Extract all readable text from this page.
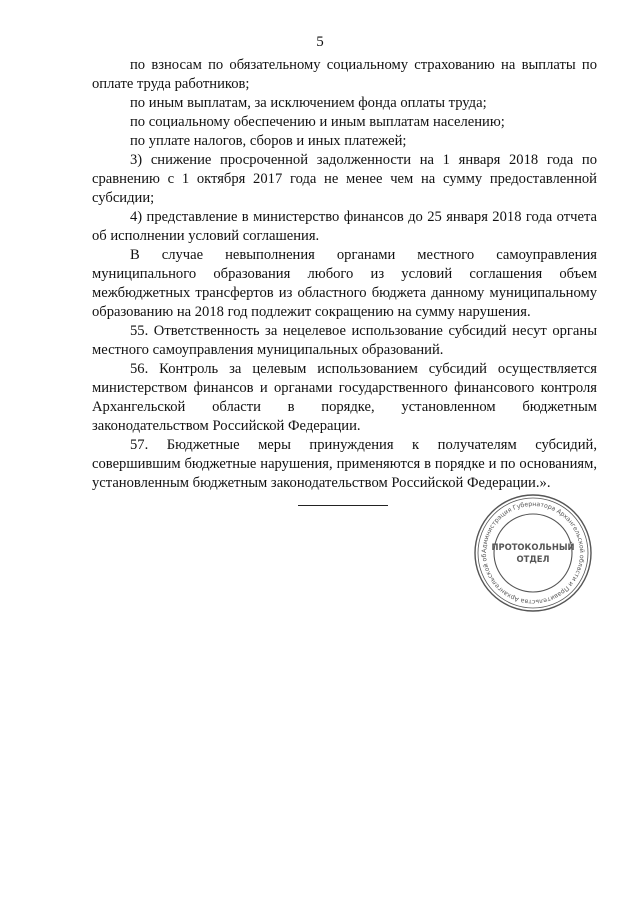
5

по взносам по обязательному социальному страхованию на выплаты по оплате труда работников;

по иным выплатам, за исключением фонда оплаты труда;

по социальному обеспечению и иным выплатам населению;

по уплате налогов, сборов и иных платежей;

3) снижение просроченной задолженности на 1 января 2018 года по сравнению с 1 октября 2017 года не менее чем на сумму предоставленной субсидии;

4) представление в министерство финансов до 25 января 2018 года отчета об исполнении условий соглашения.

В случае невыполнения органами местного самоуправления муниципального образования любого из условий соглашения объем межбюджетных трансфертов из областного бюджета данному муниципальному образованию на 2018 год подлежит сокращению на сумму нарушения.

55. Ответственность за нецелевое использование субсидий несут органы местного самоуправления муниципальных образований.

56. Контроль за целевым использованием субсидий осуществляется министерством финансов и органами государственного финансового контроля Архангельской области в порядке, установленном бюджетным законодательством Российской Федерации.

57. Бюджетные меры принуждения к получателям субсидий, совершившим бюджетные нарушения, применяются в порядке и по основаниям, установленным бюджетным законодательством Российской Федерации.».

Администрация Губернатора Архангельской области и Правительства Архангельской об
ПРОТОКОЛЬНЫЙ
ОТДЕЛ
